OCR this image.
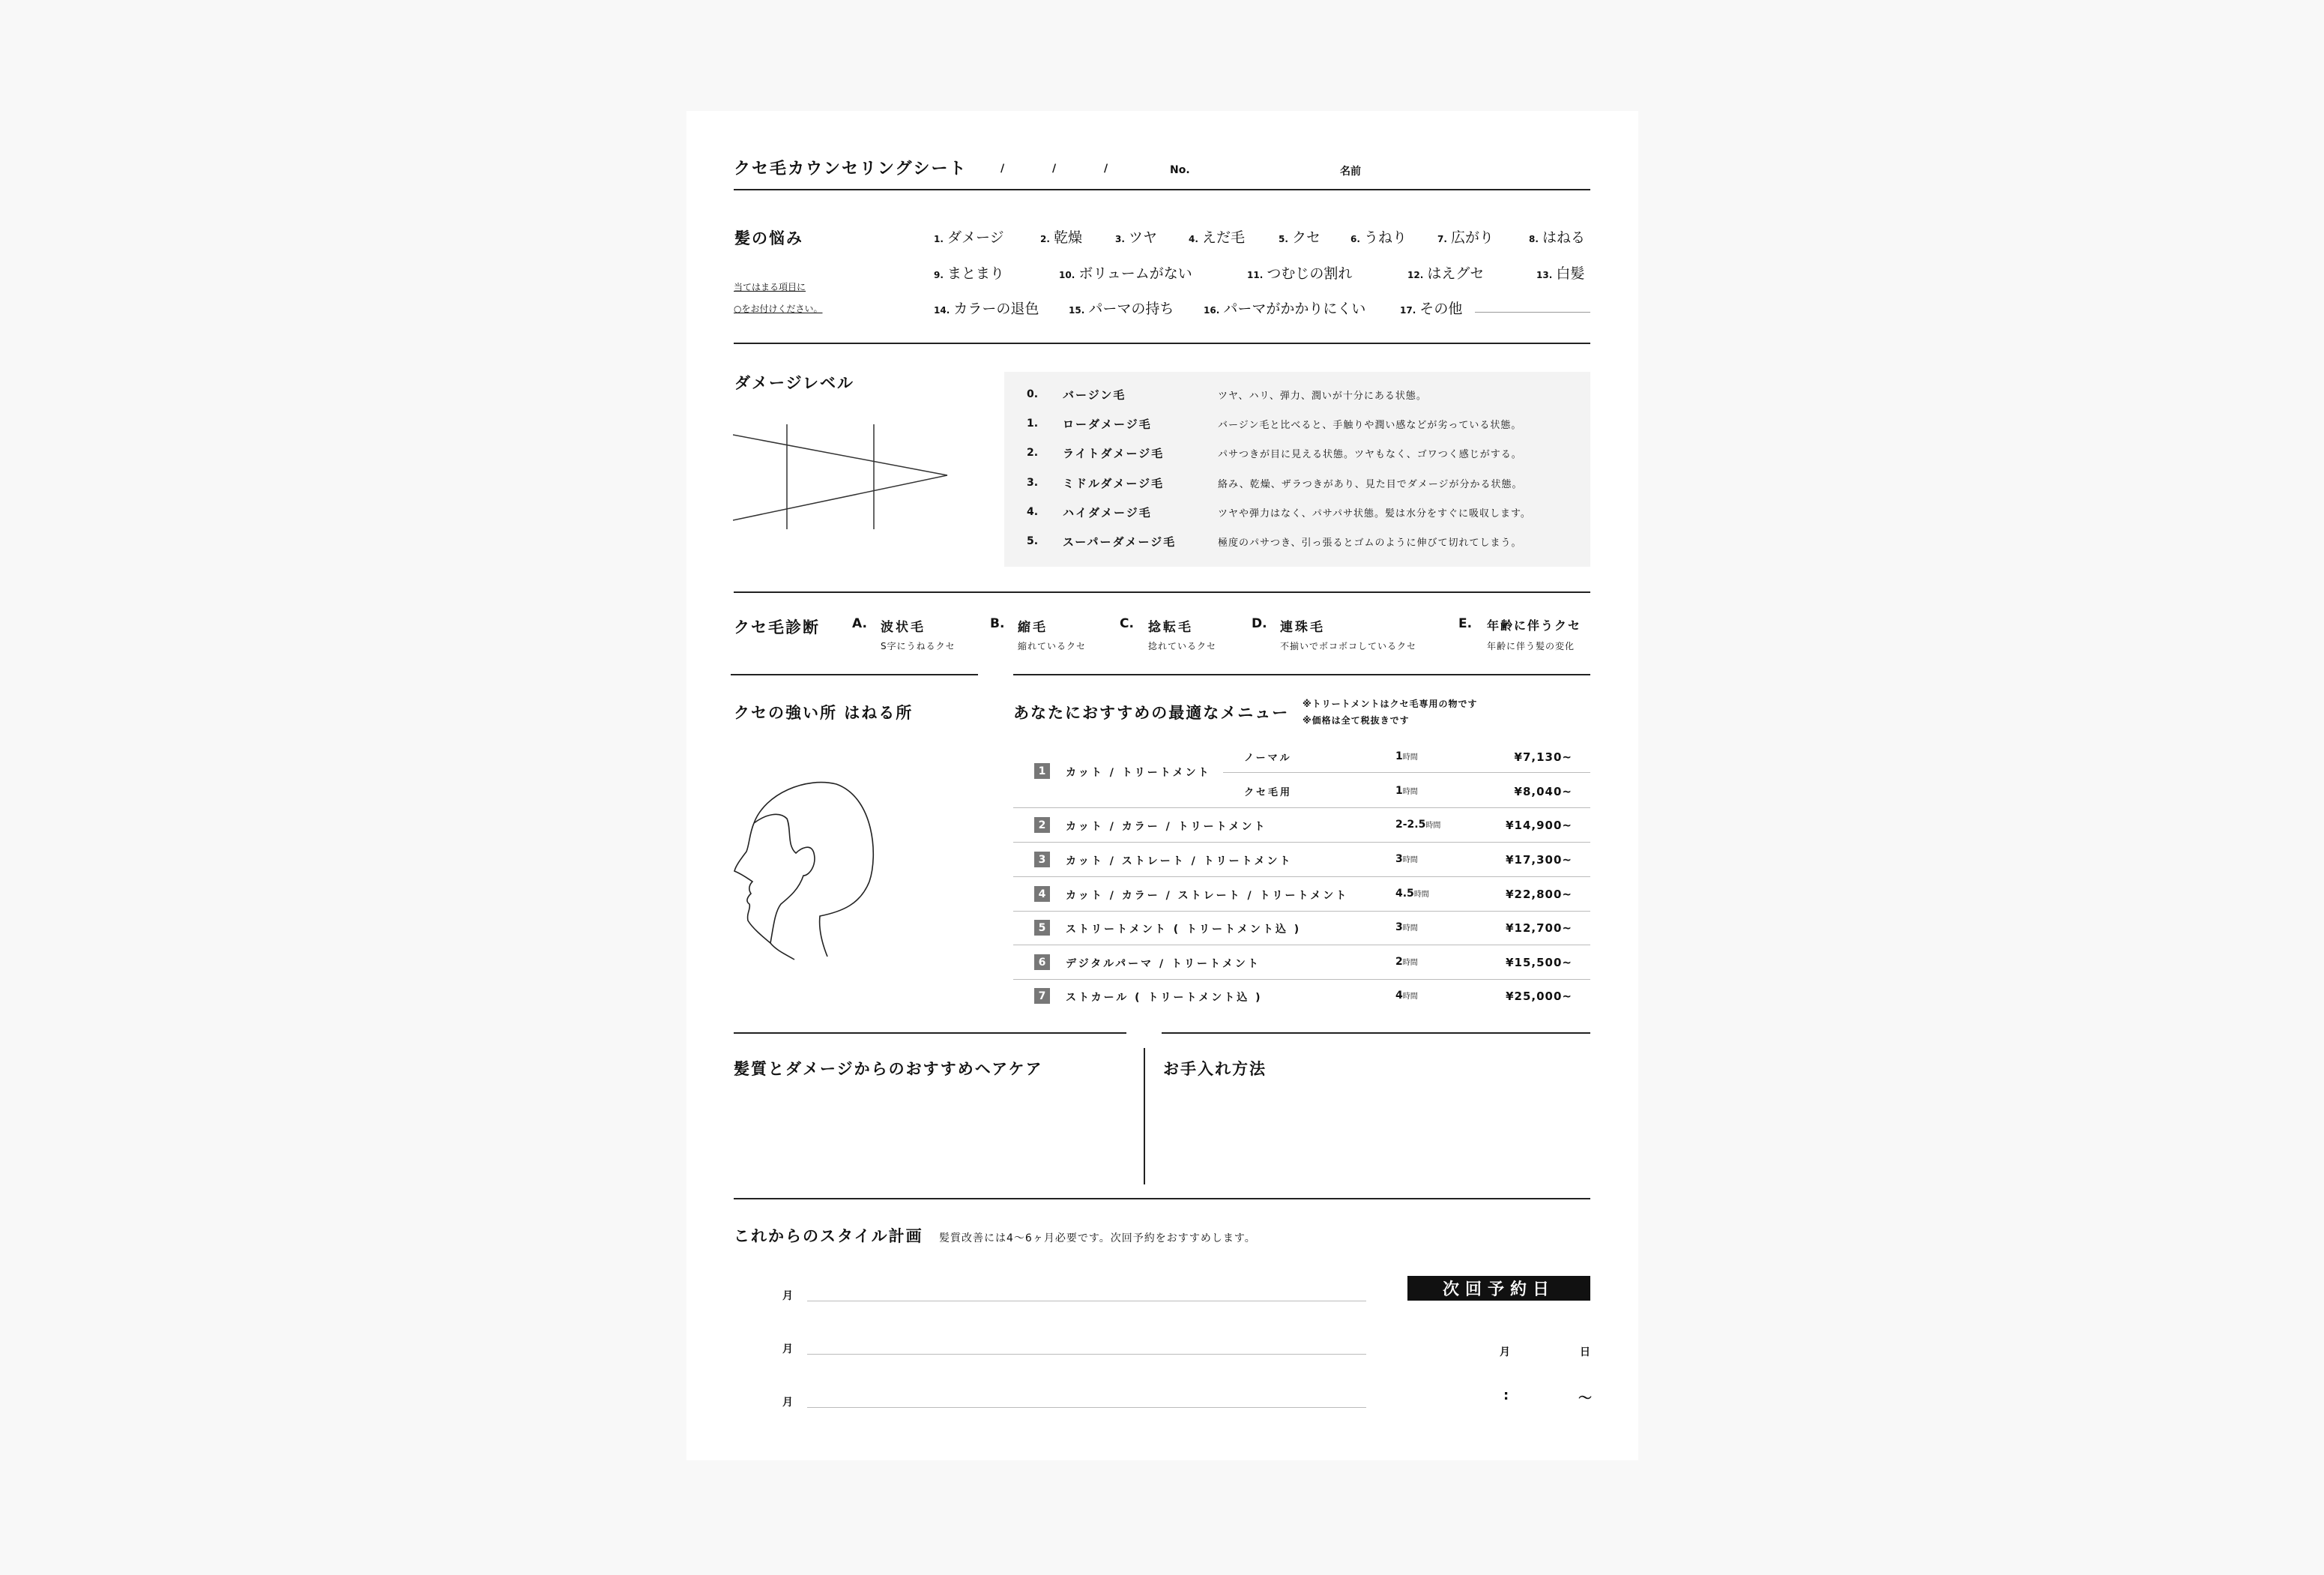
クセ毛カウンセリングシート	/	/	/	No.	名前
髪の悩み
当てはまる項目に
○をお付けください。
1. ダメージ	2. 乾燥	3. ツヤ	4. えだ毛	5. クセ	6. うねり	7. 広がり	8. はねる
9. まとまり	10. ボリュームがない	11. つむじの割れ	12. はえグセ	13. 白髪
14. カラーの退色	15. パーマの持ち	16. パーマがかかりにくい	17. その他
ダメージレベル
0. バージン毛	ツヤ、ハリ、弾力、潤いが十分にある状態。
1. ローダメージ毛	バージン毛と比べると、手触りや潤い感などが劣っている状態。
2. ライトダメージ毛	パサつきが目に見える状態。ツヤもなく、ゴワつく感じがする。
3. ミドルダメージ毛	絡み、乾燥、ザラつきがあり、見た目でダメージが分かる状態。
4. ハイダメージ毛	ツヤや弾力はなく、パサパサ状態。髪は水分をすぐに吸収します。
5. スーパーダメージ毛	極度のパサつき、引っ張るとゴムのように伸びて切れてしまう。
クセ毛診断	A. 波状毛
S字にうねるクセ
B. 縮毛
縮れているクセ
C. 捻転毛
捻れているクセ
D. 連珠毛
不揃いでボコボコしているクセ
E. 年齢に伴うクセ
年齢に伴う髪の変化
クセの強い所 はねる所	あなたにおすすめの最適なメニュー ※トリートメントはクセ毛専用の物です
※価格は全て税抜きです
1	カット / トリートメント
ノーマル	1時間	¥7,130~
クセ毛用	1時間	¥8,040~
2	カット / カラー / トリートメント	2-2.5時間	¥14,900~
3	カット / ストレート / トリートメント	3時間	¥17,300~
4	カット / カラー / ストレート / トリートメント	4.5時間	¥22,800~
5	ストリートメント ( トリートメント込 )	3時間	¥12,700~
6	デジタルパーマ / トリートメント	2時間	¥15,500~
7	ストカール ( トリートメント込 )	4時間	¥25,000~
髪質とダメージからのおすすめヘアケア	お手入れ方法
これからのスタイル計画 髪質改善には4～6ヶ月必要です。次回予約をおすすめします。
月
月
月
次回予約日
月	日
:	～
